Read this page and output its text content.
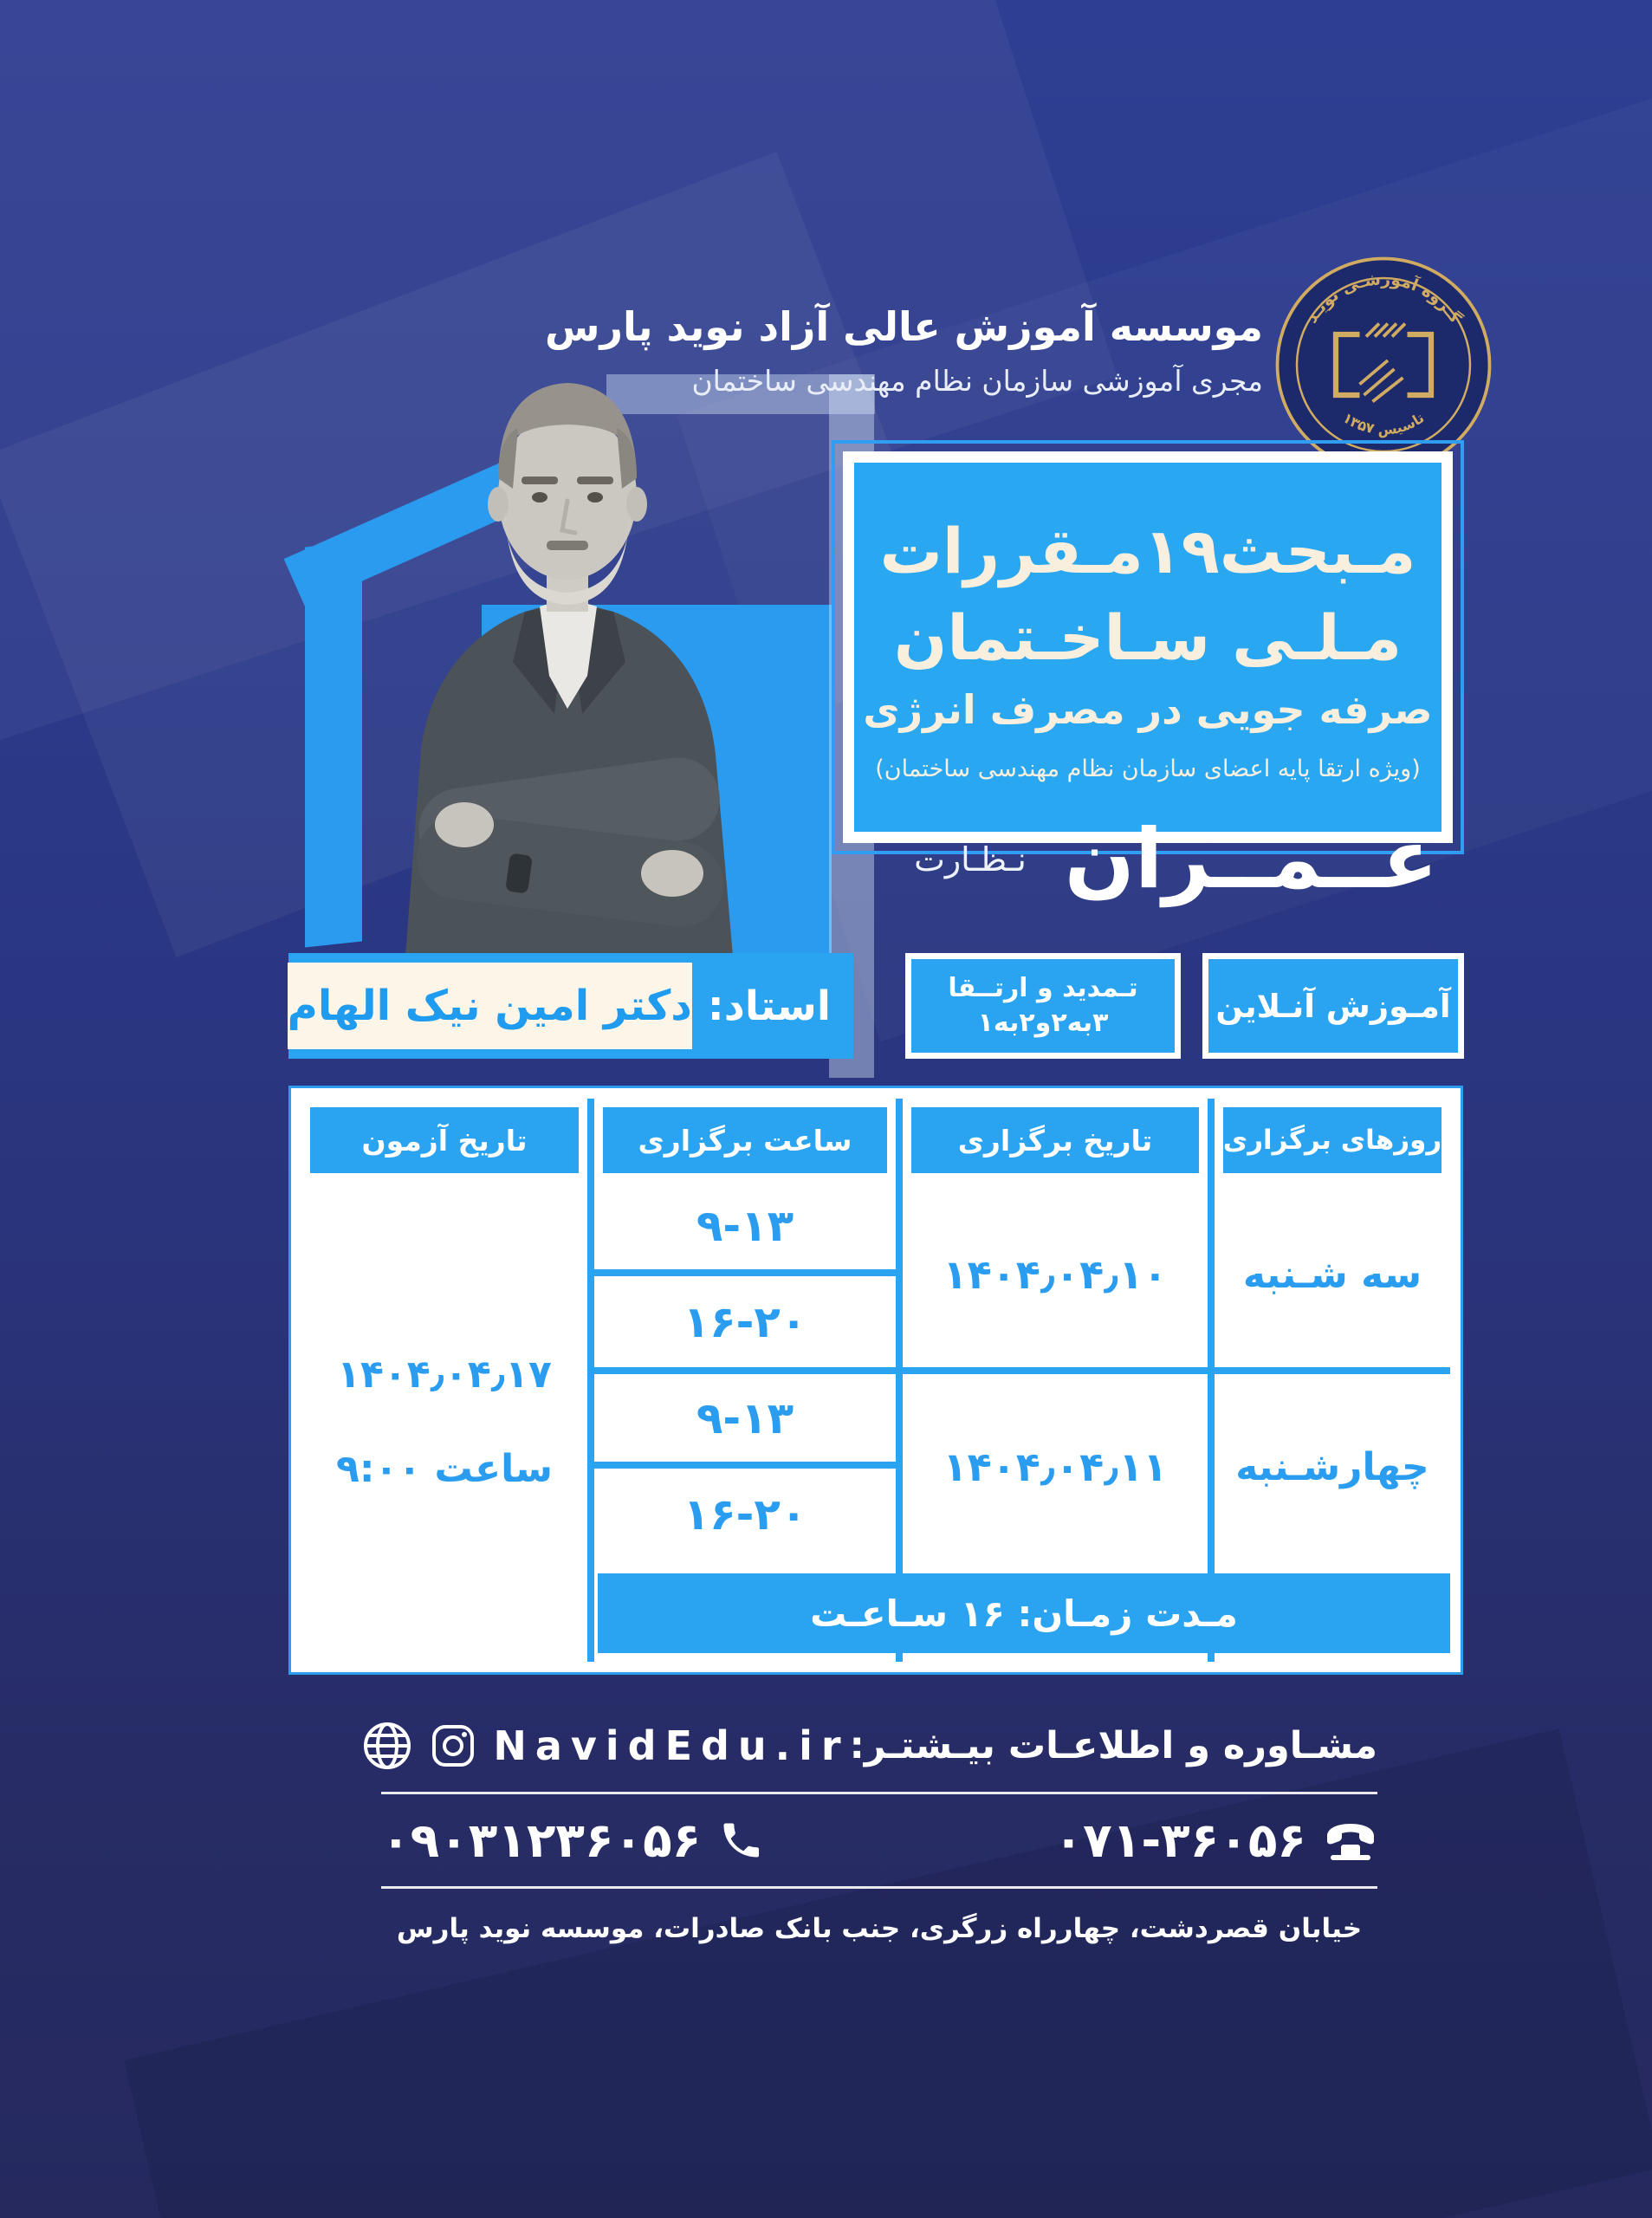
گـروه آموزشـی نویـد
تاسیس ۱۳۵۷
موسسه آموزش عالی آزاد نوید پارس
مجری آموزشی سازمان نظام مهندسی ساختمان
مـبحث۱۹مـقررات
مـلـی سـاخـتمان
صرفه جویی در مصرف انرژی
(ویژه ارتقا پایه اعضای سازمان نظام مهندسی ساختمان)
عــمــران
نـظـارت
استاد:
دکتر امین نیک الهام	تـمدید و ارتــقا
۳به۲و۲به۱	آمـوزش آنـلاین
روزهای برگزاری
تاریخ برگزاری
ساعت برگزاری
تاریخ آزمون
سه شـنبه
چهارشـنبه
۱۴۰۴٫۰۴٫۱۰
۱۴۰۴٫۰۴٫۱۱
۹-۱۳
۱۶-۲۰
۹-۱۳
۱۶-۲۰
۱۴۰۴٫۰۴٫۱۷
ساعت ۹:۰۰
مـدت زمـان: ۱۶ سـاعـت
مشـاوره و اطلاعـات بیـشتـر:
NavidEdu.ir
۰۷۱-۳۶۰۵۶
۰۹۰۳۱۲۳۶۰۵۶
خیابان قصردشت، چهارراه زرگری، جنب بانک صادرات، موسسه نوید پارس
